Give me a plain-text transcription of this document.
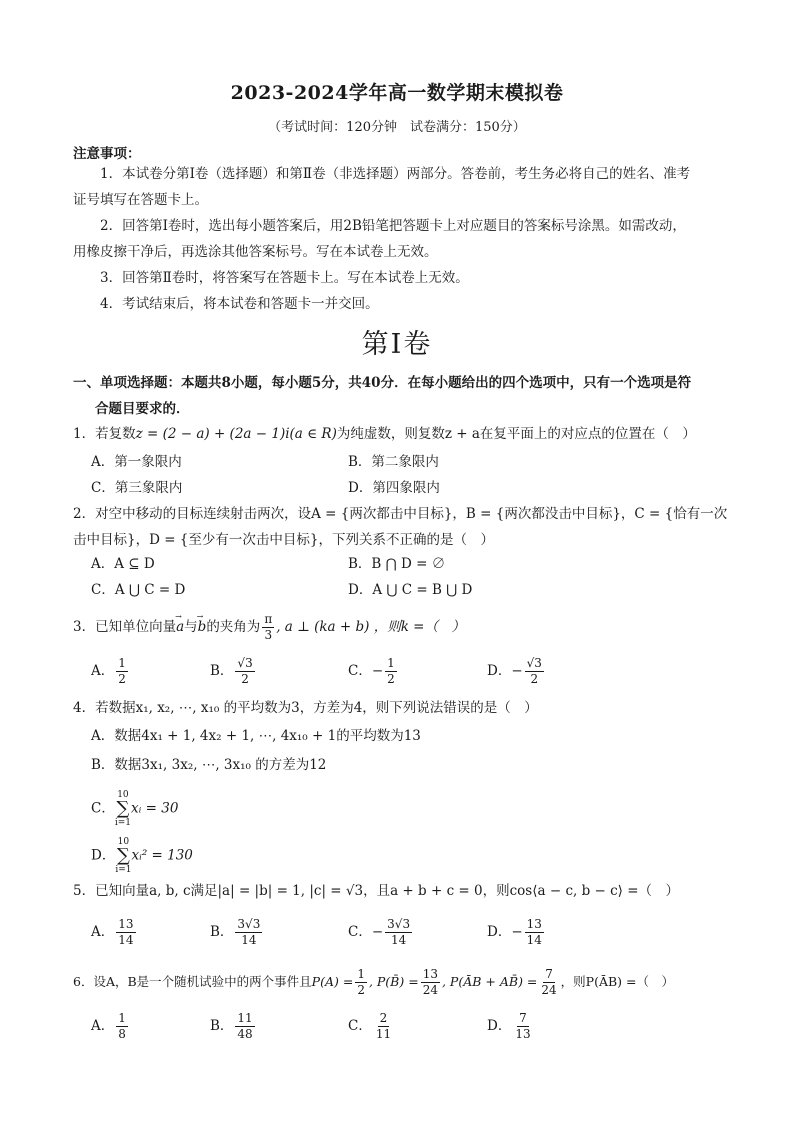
2023-2024学年高一数学期末模拟卷
（考试时间：120分钟　试卷满分：150分）
注意事项：
1．本试卷分第Ⅰ卷（选择题）和第Ⅱ卷（非选择题）两部分。答卷前，考生务必将自己的姓名、准考
证号填写在答题卡上。
2．回答第Ⅰ卷时，选出每小题答案后，用2B铅笔把答题卡上对应题目的答案标号涂黑。如需改动，
用橡皮擦干净后，再选涂其他答案标号。写在本试卷上无效。
3．回答第Ⅱ卷时，将答案写在答题卡上。写在本试卷上无效。
4．考试结束后，将本试卷和答题卡一并交回。
第Ⅰ卷
一、单项选择题：本题共8小题，每小题5分，共40分．在每小题给出的四个选项中，只有一个选项是符
合题目要求的．
1．若复数z = (2 − a) + (2a − 1)i(a ∈ R)为纯虚数，则复数z + a在复平面上的对应点的位置在（　）
A．第一象限内	B．第二象限内
C．第三象限内	D．第四象限内
2．对空中移动的目标连续射击两次，设A = {两次都击中目标}，B = {两次都没击中目标}，C = {恰有一次
击中目标}，D = {至少有一次击中目标}，下列关系不正确的是（　）
A．A ⊆ D	B．B ⋂ D = ∅
C．A ⋃ C = D	D．A ⋃ C = B ⋃ D
3．已知单位向量→ a与→ b的夹角为 $\frac{\pi}{3}$ , a ⊥ (ka + b) ，则k =（　）
A． $\frac{1}{2}$	B． $\frac{√3}{2}$	C．− $\frac{1}{2}$	D．− $\frac{√3}{2}$
4．若数据x₁, x₂, ⋯, x₁₀ 的平均数为3，方差为4，则下列说法错误的是（　）
A．数据4x₁ + 1, 4x₂ + 1, ⋯, 4x₁₀ + 1的平均数为13
B．数据3x₁, 3x₂, ⋯, 3x₁₀ 的方差为12
C．
10
∑
i=1
xᵢ = 30
D．
10
∑
i=1
xᵢ² = 130
5．已知向量a, b, c满足|a| = |b| = 1, |c| = √3，且a + b + c = 0，则cos⟨a − c, b − c⟩ =（　）
A． $\frac{13}{14}$	B． $\frac{3√3}{14}$	C．− $\frac{3√3}{14}$	D．− $\frac{13}{14}$
6．设A，B是一个随机试验中的两个事件且$P(A) = \frac{1}{2}$ , P(B̄) = $\frac{13}{24}$ , P(ĀB + AB̄) = $\frac{7}{24}$ ，则P(ĀB) =（　）
A． $\frac{1}{8}$	B． $\frac{11}{48}$	C． $\frac{2}{11}$	D． $\frac{7}{13}$
